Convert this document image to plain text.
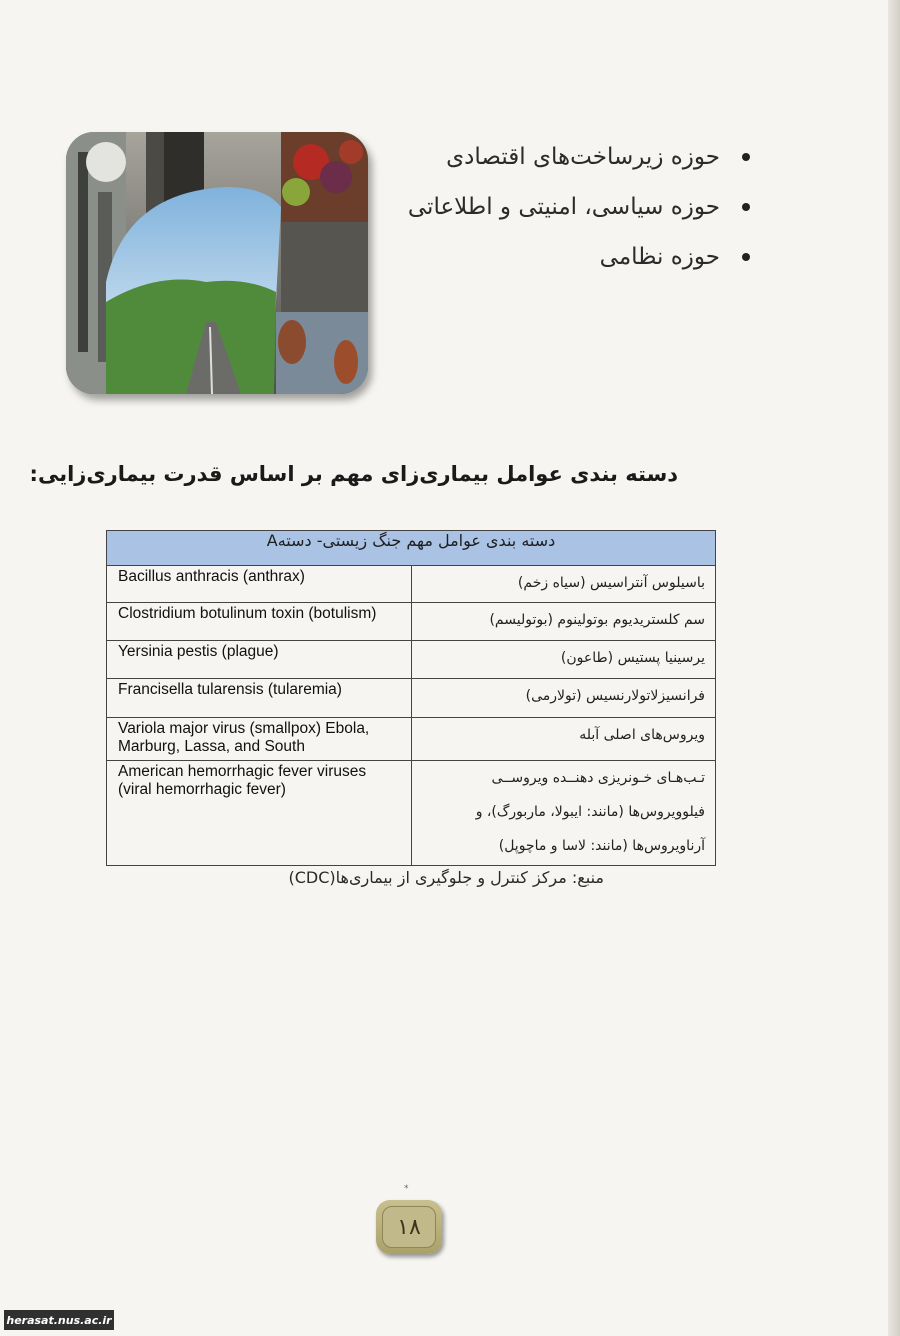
حوزه زیرساخت‌های اقتصادی
حوزه سیاسی، امنیتی و اطلاعاتی
حوزه نظامی
دسته بندی عوامل بیماری‌زای مهم بر اساس قدرت بیماری‌زایی:
دسته بندی عوامل مهم جنگ زیستی- دستهA	
Bacillus anthracis (anthrax)	باسیلوس آنتراسیس (سیاه زخم)
Clostridium botulinum toxin (botulism)	سم کلستریدیوم بوتولینوم (بوتولیسم)
Yersinia pestis (plague)	یرسینیا پستیس (طاعون)
Francisella tularensis (tularemia)	فرانسیزلاتولارنسیس (تولارمی)
Variola major virus (smallpox) Ebola, Marburg, Lassa, and South	ویروس‌های اصلی آبله
American hemorrhagic fever viruses (viral hemorrhagic fever)	تـب‌هـای خـونریزی دهنــده ویروســی فیلوویروس‌ها (مانند: ایبولا، ماربورگ)، و آرناویروس‌ها (مانند: لاسا و ماچوپل)
منبع: مرکز کنترل و جلوگیری از بیماری‌ها(CDC)
*
۱۸
herasat.nus.ac.ir
